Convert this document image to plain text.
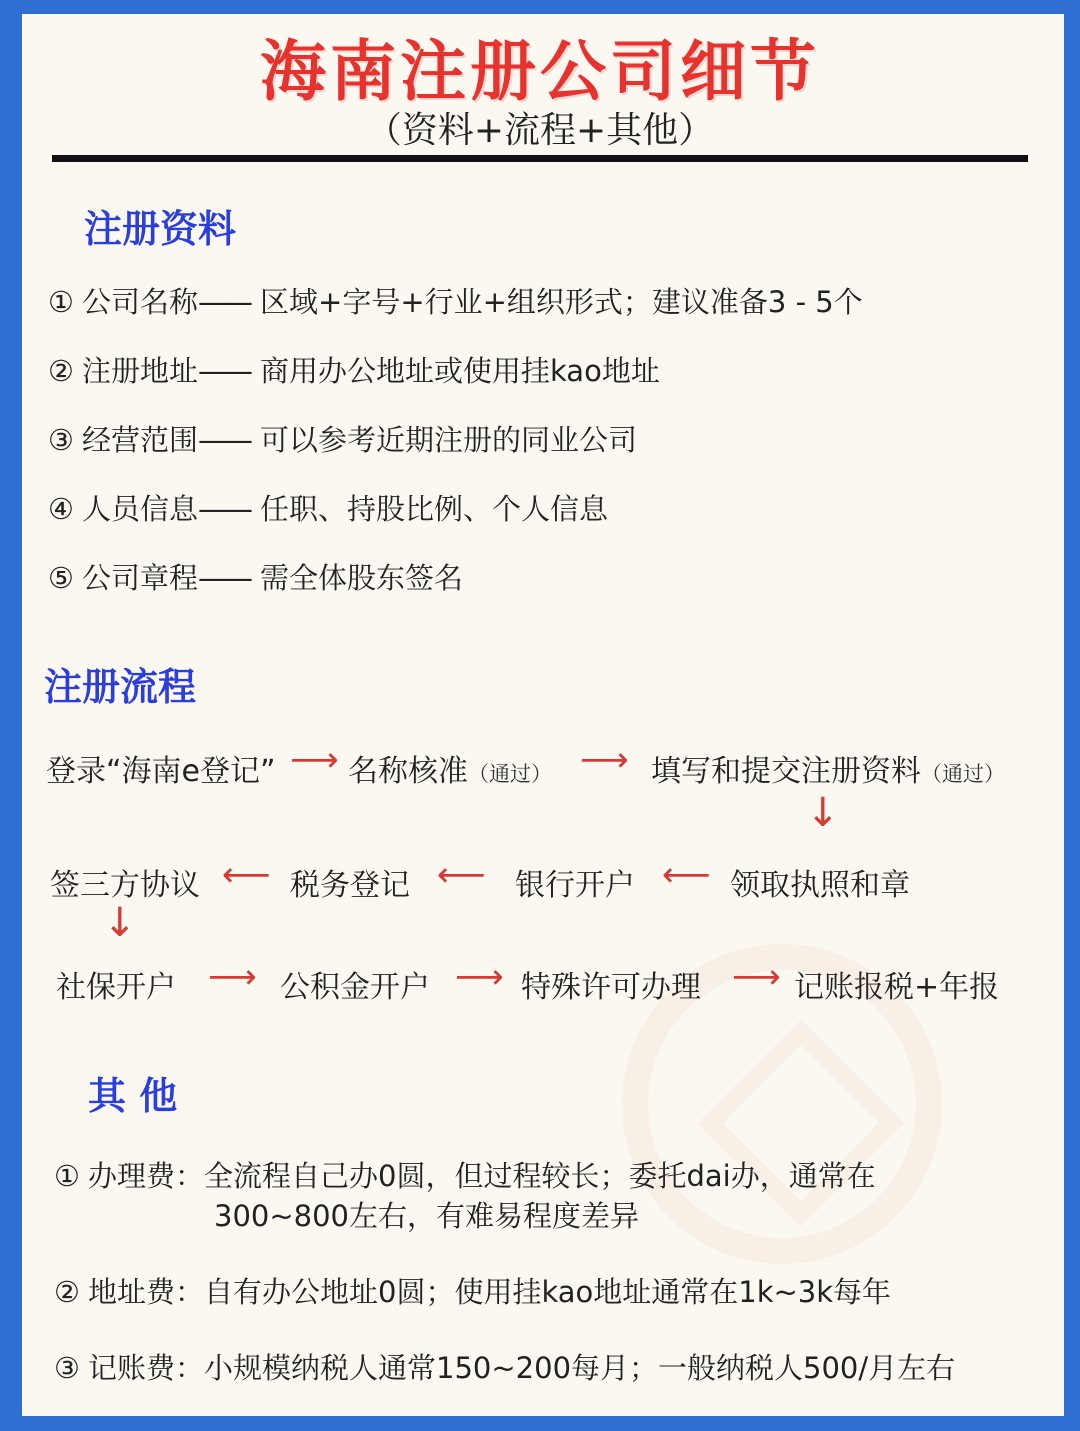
海南注册公司细节
（资料+流程+其他）
注册资料
① 公司名称—— 区域+字号+行业+组织形式；建议准备3 - 5个
② 注册地址—— 商用办公地址或使用挂kao地址
③ 经营范围—— 可以参考近期注册的同业公司
④ 人员信息—— 任职、持股比例、个人信息
⑤ 公司章程—— 需全体股东签名
注册流程
登录“海南e登记” ⟶ 名称核准（通过） ⟶ 填写和提交注册资料（通过）
↓
签三方协议 ⟵ 税务登记 ⟵ 银行开户 ⟵ 领取执照和章
↓
社保开户 ⟶ 公积金开户 ⟶ 特殊许可办理 ⟶ 记账报税+年报
其 他
① 办理费：全流程自己办0圆，但过程较长；委托dai办，通常在
300~800左右，有难易程度差异
② 地址费：自有办公地址0圆；使用挂kao地址通常在1k~3k每年
③ 记账费：小规模纳税人通常150~200每月；一般纳税人500/月左右
